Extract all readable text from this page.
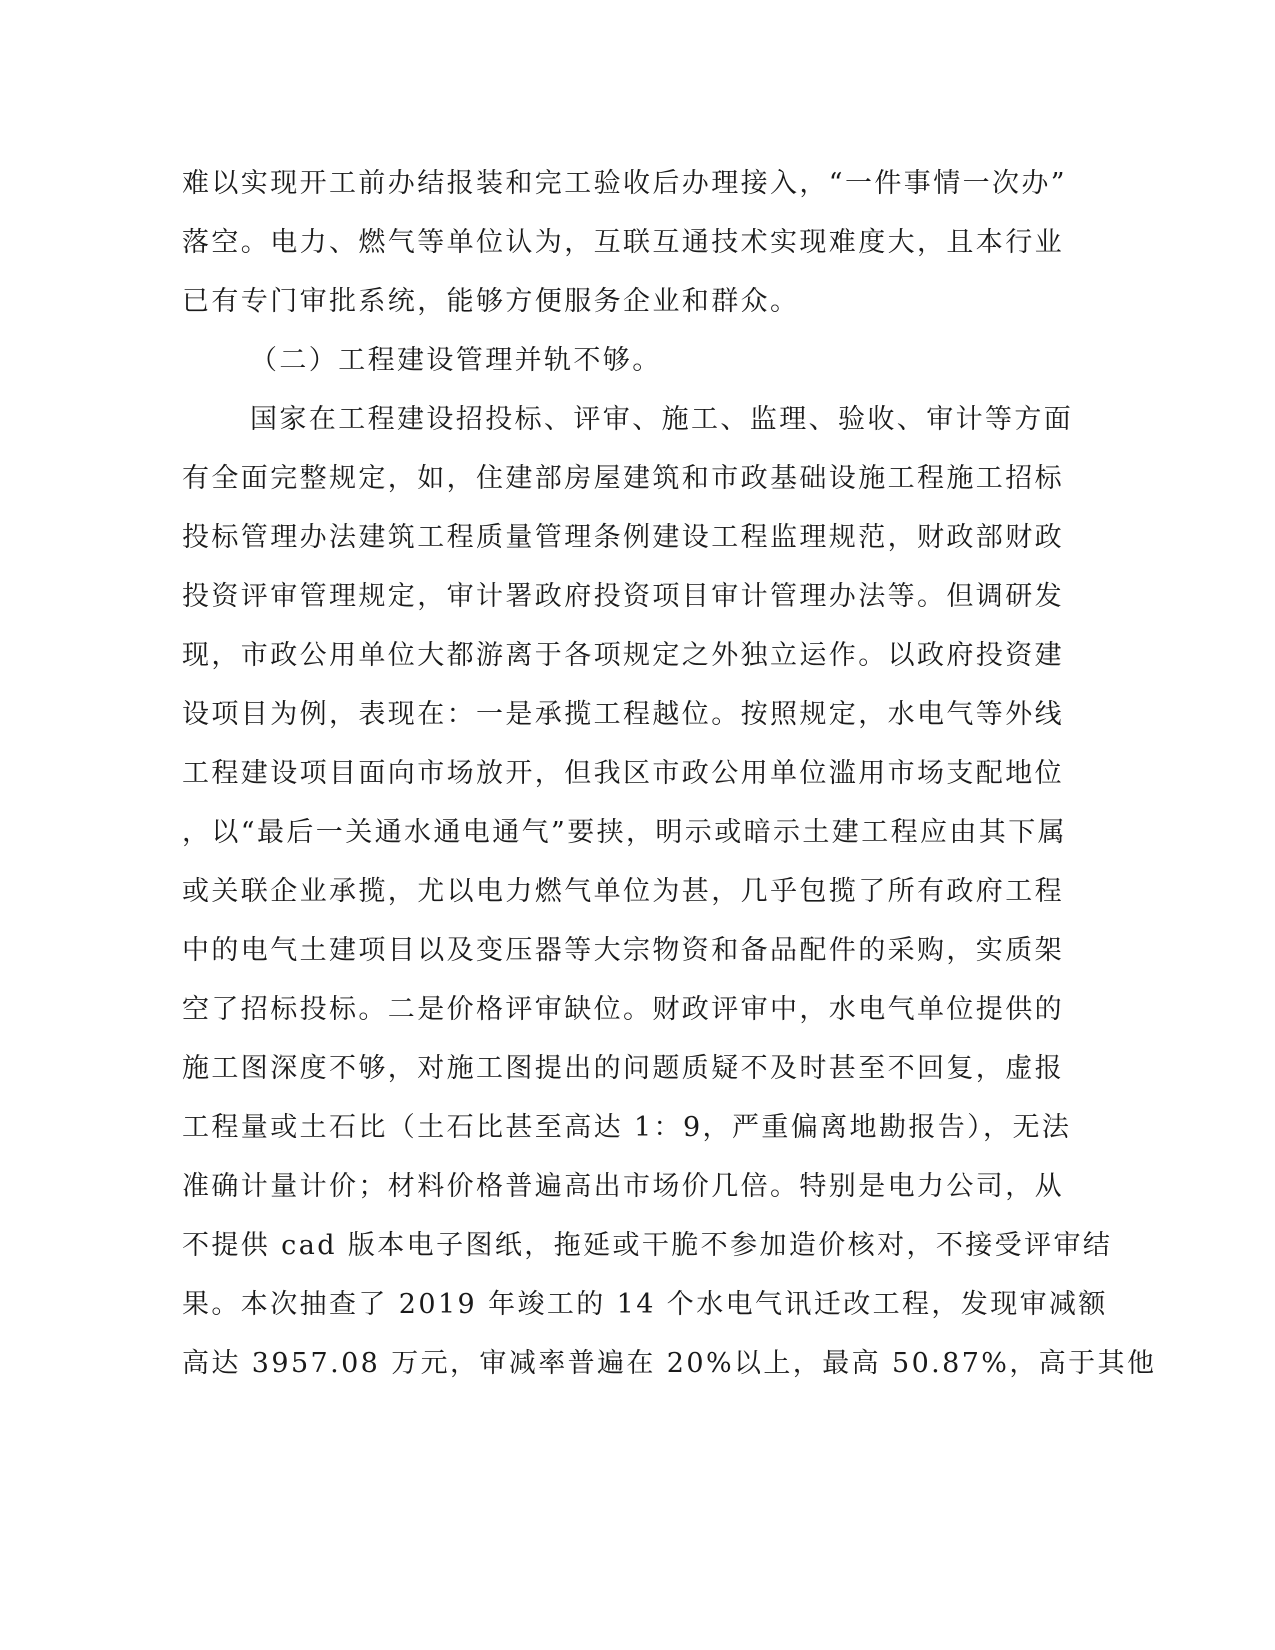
难以实现开工前办结报装和完工验收后办理接入，“一件事情一次办”
落空。电力、燃气等单位认为，互联互通技术实现难度大，且本行业
已有专门审批系统，能够方便服务企业和群众。
（二）工程建设管理并轨不够。
国家在工程建设招投标、评审、施工、监理、验收、审计等方面
有全面完整规定，如，住建部房屋建筑和市政基础设施工程施工招标
投标管理办法建筑工程质量管理条例建设工程监理规范，财政部财政
投资评审管理规定，审计署政府投资项目审计管理办法等。但调研发
现，市政公用单位大都游离于各项规定之外独立运作。以政府投资建
设项目为例，表现在：一是承揽工程越位。按照规定，水电气等外线
工程建设项目面向市场放开，但我区市政公用单位滥用市场支配地位
，以“最后一关通水通电通气”要挟，明示或暗示土建工程应由其下属
或关联企业承揽，尤以电力燃气单位为甚，几乎包揽了所有政府工程
中的电气土建项目以及变压器等大宗物资和备品配件的采购，实质架
空了招标投标。二是价格评审缺位。财政评审中，水电气单位提供的
施工图深度不够，对施工图提出的问题质疑不及时甚至不回复，虚报
工程量或土石比（土石比甚至高达 1：9，严重偏离地勘报告），无法
准确计量计价；材料价格普遍高出市场价几倍。特别是电力公司，从
不提供 cad 版本电子图纸，拖延或干脆不参加造价核对，不接受评审结
果。本次抽查了 2019 年竣工的 14 个水电气讯迁改工程，发现审减额
高达 3957.08 万元，审减率普遍在 20%以上，最高 50.87%，高于其他
